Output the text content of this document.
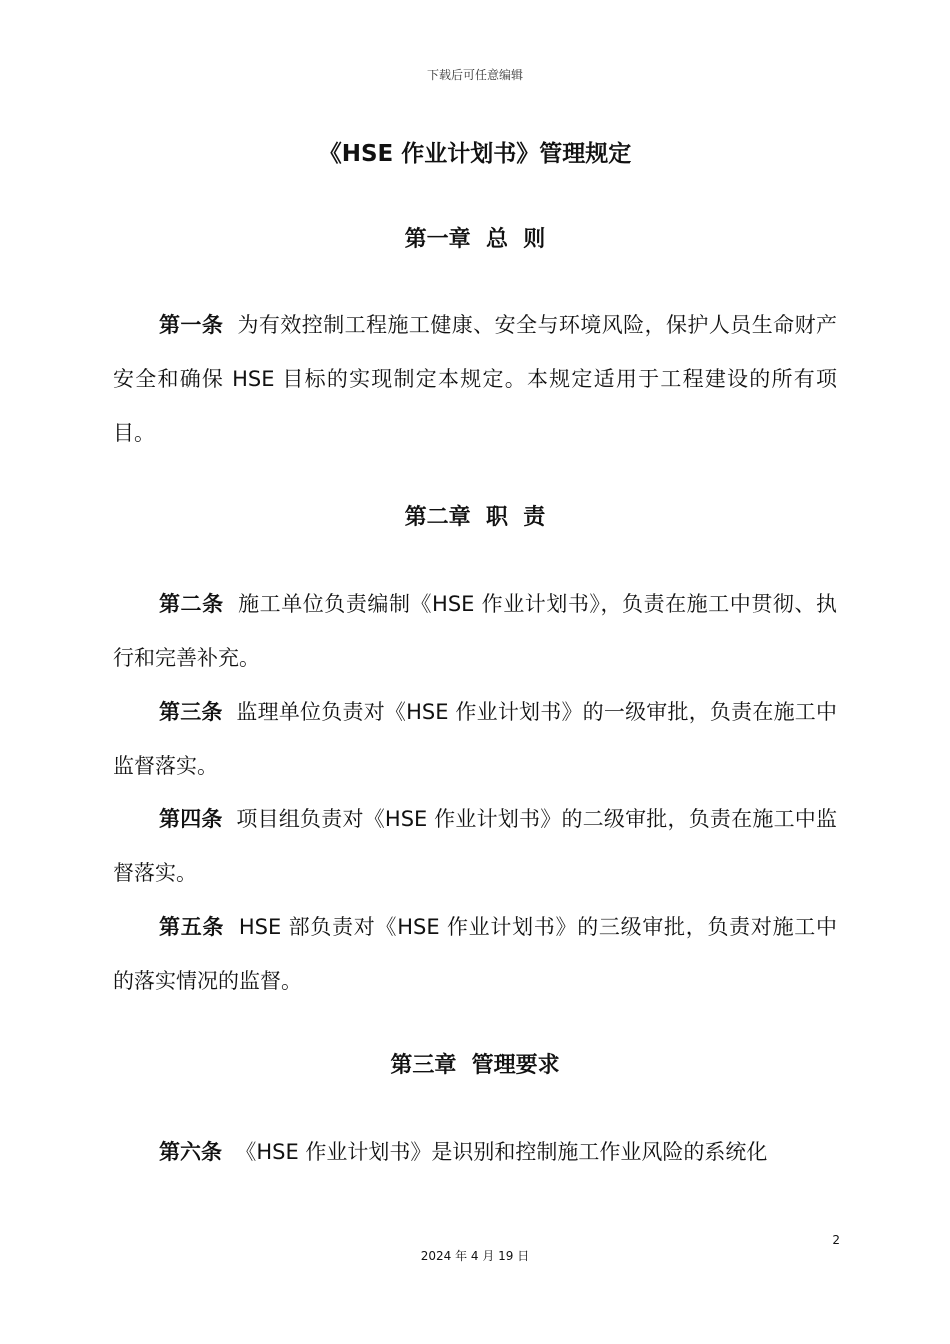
下载后可任意编辑
《HSE 作业计划书》管理规定
第一章  总  则

第一条 为有效控制工程施工健康、安全与环境风险，保护人员生命财产安全和确保 HSE 目标的实现制定本规定。本规定适用于工程建设的所有项目。

第二章  职  责

第二条 施工单位负责编制《HSE 作业计划书》，负责在施工中贯彻、执行和完善补充。

第三条 监理单位负责对《HSE 作业计划书》的一级审批，负责在施工中监督落实。

第四条 项目组负责对《HSE 作业计划书》的二级审批，负责在施工中监督落实。

第五条 HSE 部负责对《HSE 作业计划书》的三级审批，负责对施工中的落实情况的监督。

第三章  管理要求

第六条 《HSE 作业计划书》是识别和控制施工作业风险的系统化

2
2024 年 4 月 19 日
